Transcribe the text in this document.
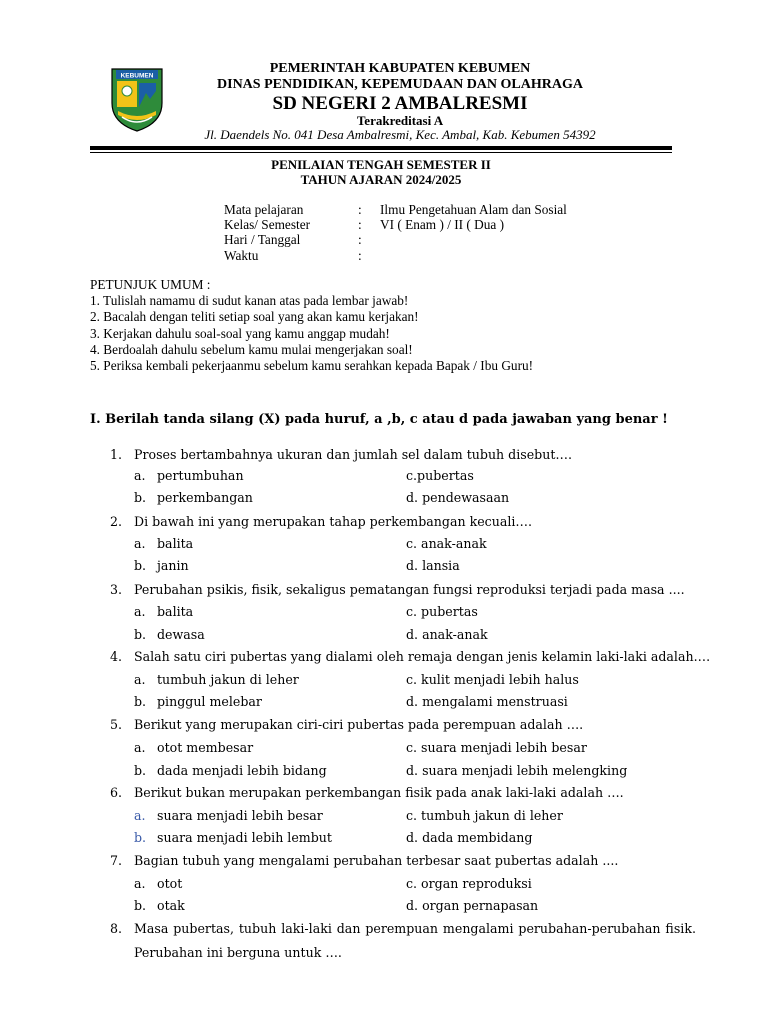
KEBUMEN	PEMERINTAH KABUPATEN KEBUMEN
DINAS PENDIDIKAN, KEPEMUDAAN DAN OLAHRAGA
SD NEGERI 2 AMBALRESMI
Terakreditasi A
Jl. Daendels No. 041 Desa Ambalresmi, Kec. Ambal, Kab. Kebumen 54392
PENILAIAN TENGAH SEMESTER II
TAHUN AJARAN 2024/2025
Mata pelajaran	:	Ilmu Pengetahuan Alam dan Sosial
Kelas/ Semester	:	VI ( Enam ) / II ( Dua )
Hari / Tanggal	:
Waktu	:
PETUNJUK UMUM :
1. Tulislah namamu di sudut kanan atas pada lembar jawab!
2. Bacalah dengan teliti setiap soal yang akan kamu kerjakan!
3. Kerjakan dahulu soal-soal yang kamu anggap mudah!
4. Berdoalah dahulu sebelum kamu mulai mengerjakan soal!
5. Periksa kembali pekerjaanmu sebelum kamu serahkan kepada Bapak / Ibu Guru!
I. Berilah tanda silang (X) pada huruf, a ,b, c atau d pada jawaban yang benar !
1. Proses bertambahnya ukuran dan jumlah sel dalam tubuh disebut….
a. pertumbuhan	c.pubertas
b. perkembangan	d. pendewasaan
2. Di bawah ini yang merupakan tahap perkembangan kecuali….
a. balita	c. anak-anak
b. janin	d. lansia
3. Perubahan psikis, fisik, sekaligus pematangan fungsi reproduksi terjadi pada masa ....
a. balita	c. pubertas
b. dewasa	d. anak-anak
4. Salah satu ciri pubertas yang dialami oleh remaja dengan jenis kelamin laki-laki adalah.…
a. tumbuh jakun di leher	c. kulit menjadi lebih halus
b. pinggul melebar	d. mengalami menstruasi
5. Berikut yang merupakan ciri-ciri pubertas pada perempuan adalah ….
a. otot membesar	c. suara menjadi lebih besar
b. dada menjadi lebih bidang	d. suara menjadi lebih melengking
6. Berikut bukan merupakan perkembangan fisik pada anak laki-laki adalah ….
a. suara menjadi lebih besar	c. tumbuh jakun di leher
b. suara menjadi lebih lembut	d. dada membidang
7. Bagian tubuh yang mengalami perubahan terbesar saat pubertas adalah ....
a. otot	c. organ reproduksi
b. otak	d. organ pernapasan
8. Masa pubertas, tubuh laki-laki dan perempuan mengalami perubahan-perubahan fisik.
Perubahan ini berguna untuk ….
